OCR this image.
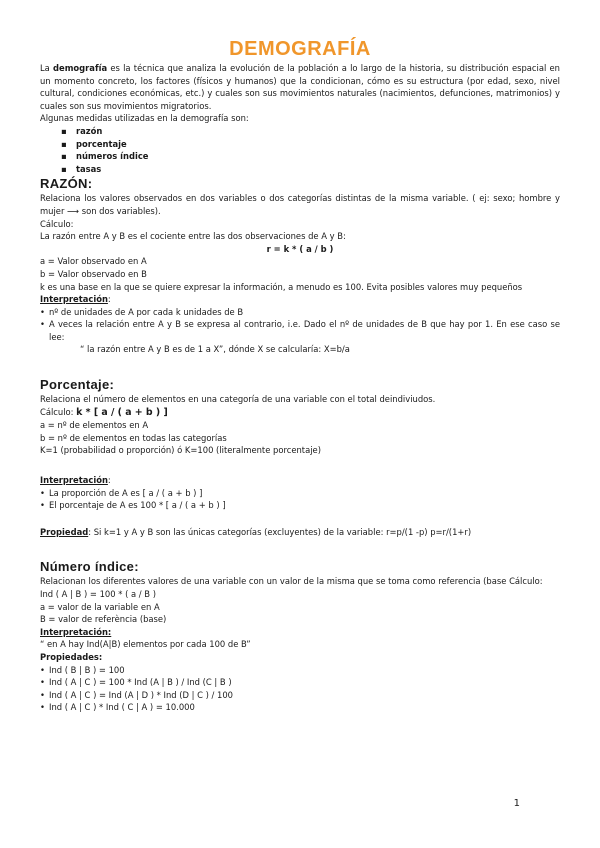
DEMOGRAFÍA

La demografía es la técnica que analiza la evolución de la población a lo largo de la historia, su distribución espacial en un momento concreto, los factores (físicos y humanos) que la condicionan, cómo es su estructura (por edad, sexo, nivel cultural, condiciones económicas, etc.) y cuales son sus movimientos naturales (nacimientos, defunciones, matrimonios) y cuales son sus movimientos migratorios.

Algunas medidas utilizadas en la demografía son:

▪ razón
▪ porcentaje
▪ números índice
▪ tasas
RAZÓN:

Relaciona los valores observados en dos variables o dos categorías distintas de la misma variable. ( ej: sexo; hombre y mujer ⟶ son dos variables).

Cálculo:

La razón entre A y B es el cociente entre las dos observaciones de A y B:

r = k * ( a / b )

a = Valor observado en A

b = Valor observado en B

k es una base en la que se quiere expresar la información, a menudo es 100. Evita posibles valores muy pequeños

Interpretación:

• nº de unidades de A por cada k unidades de B

• A veces la relación entre A y B se expresa al contrario, i.e. Dado el nº de unidades de B que hay por 1. En ese caso se lee:

“ la razón entre A y B es de 1 a X”, dónde X se calcularía: X=b/a

Porcentaje:

Relaciona el número de elementos en una categoría de una variable con el total deindiviudos.

Cálculo: k * [ a / ( a + b ) ]

a = nº de elementos en A

b = nº de elementos en todas las categorías

K=1 (probabilidad o proporción) ó K=100 (literalmente porcentaje)

Interpretación:

• La proporción de A es [ a / ( a + b ) ]

• El porcentaje de A es 100 * [ a / ( a + b ) ]

Propiedad: Si k=1 y A y B son las únicas categorías (excluyentes) de la variable: r=p/(1 -p) p=r/(1+r)

Número índice:

Relacionan los diferentes valores de una variable con un valor de la misma que se toma como referencia (base Cálculo:

Ind ( A | B ) = 100 * ( a / B )

a = valor de la variable en A

B = valor de referència (base)

Interpretación:

“ en A hay Ind(A|B) elementos por cada 100 de B”

Propiedades:

• Ind ( B | B ) = 100

• Ind ( A | C ) = 100 * Ind (A | B ) / Ind (C | B )

• Ind ( A | C ) = Ind (A | D ) * Ind (D | C ) / 100

• Ind ( A | C ) * Ind ( C | A ) = 10.000

1
